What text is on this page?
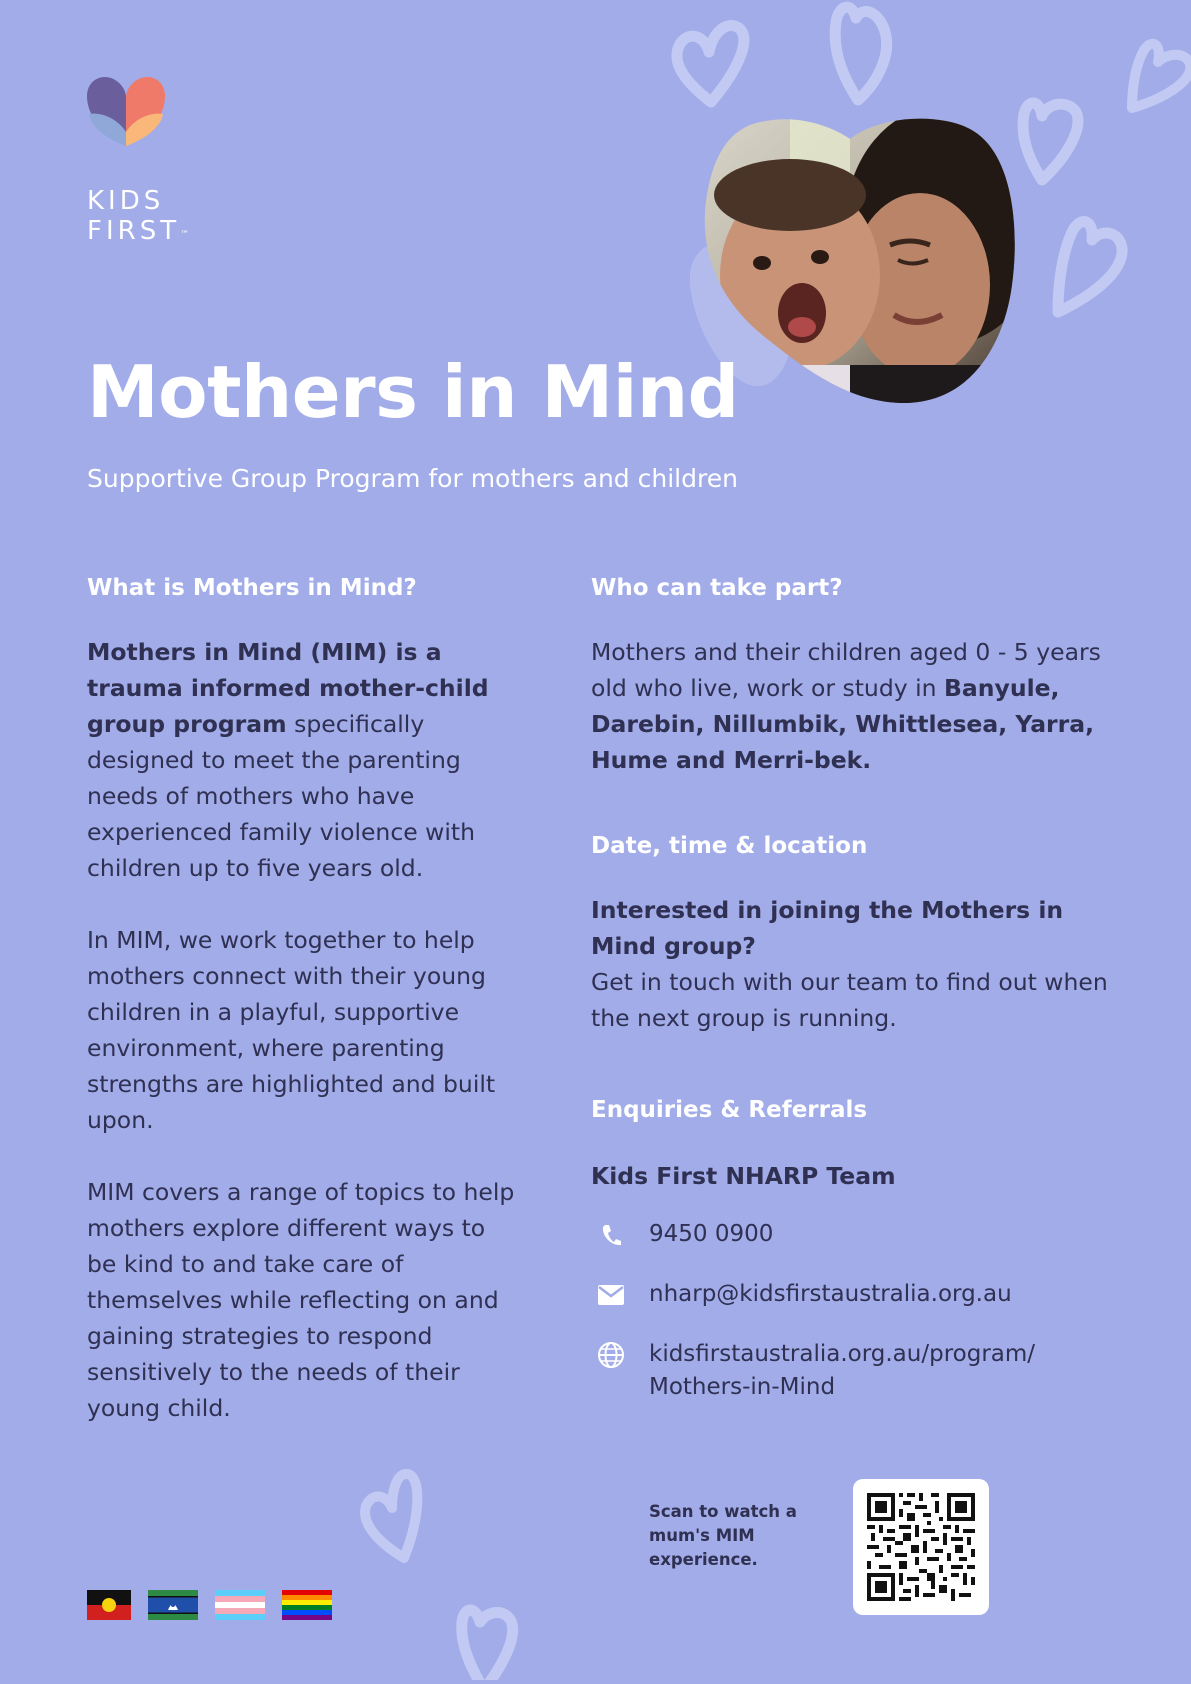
KIDS
FIRST™
Mothers in Mind

Supportive Group Program for mothers and children

What is Mothers in Mind?

Mothers in Mind (MIM) is a trauma informed mother-child group program specifically designed to meet the parenting needs of mothers who have experienced family violence with children up to five years old.

In MIM, we work together to help mothers connect with their young children in a playful, supportive environment, where parenting strengths are highlighted and built upon.

MIM covers a range of topics to help mothers explore different ways to be kind to and take care of themselves while reflecting on and gaining strategies to respond sensitively to the needs of their young child.

Who can take part?

Mothers and their children aged 0 - 5 years old who live, work or study in Banyule, Darebin, Nillumbik, Whittlesea, Yarra, Hume and Merri-bek.

Date, time & location

Interested in joining the Mothers in Mind group?

Get in touch with our team to find out when the next group is running.

Enquiries & Referrals

Kids First NHARP Team

9450 0900
nharp@kidsfirstaustralia.org.au
kidsfirstaustralia.org.au/program/
Mothers-in-Mind
Scan to watch a
mum's MIM
experience.
